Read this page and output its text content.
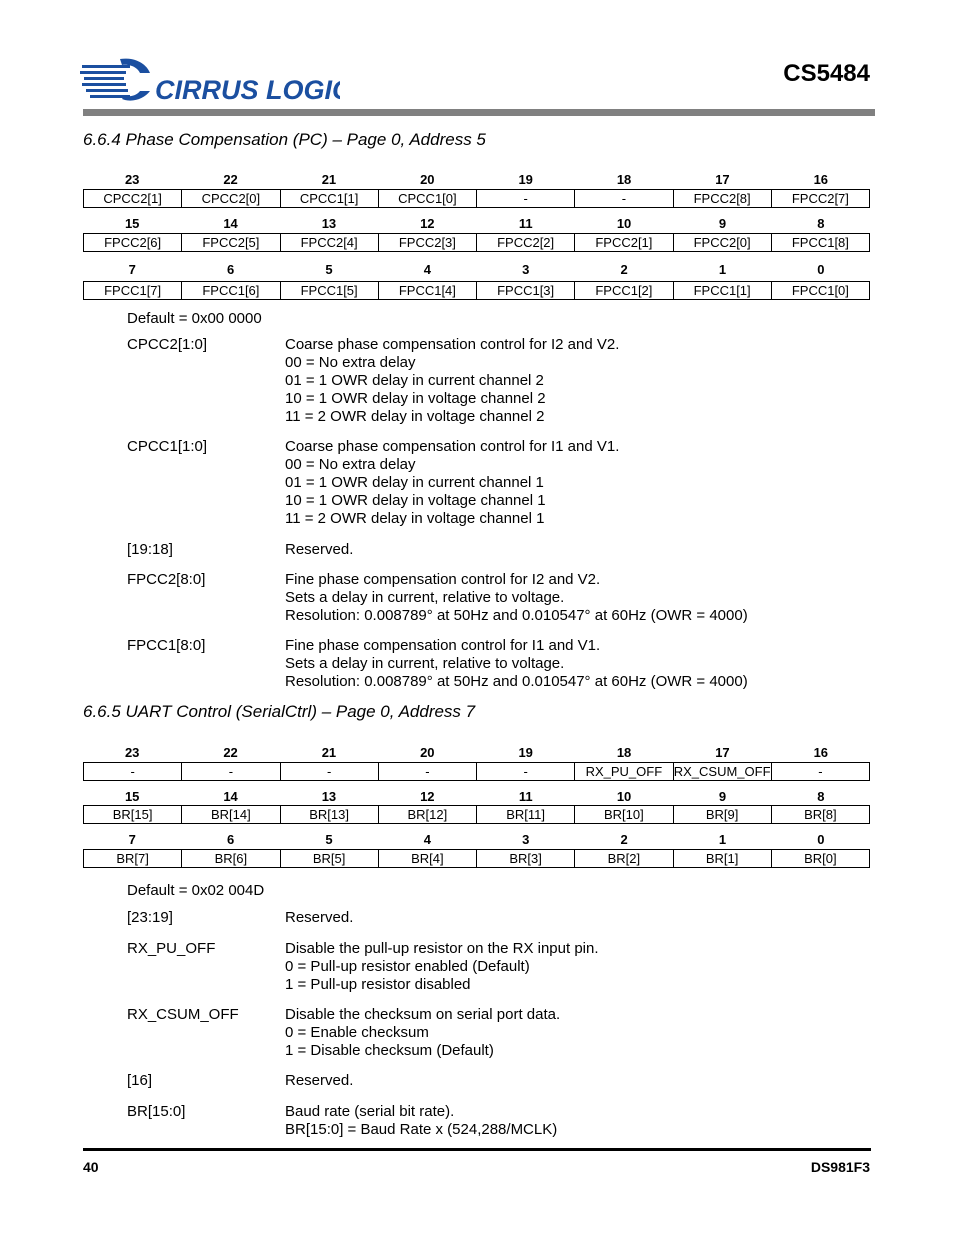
CIRRUS LOGIC
CS5484
6.6.4 Phase Compensation (PC) – Page 0, Address 5
23	22	21	20	19	18	17	16
CPCC2[1]	CPCC2[0]	CPCC1[1]	CPCC1[0]	-	-	FPCC2[8]	FPCC2[7]
15	14	13	12	11	10	9	8
FPCC2[6]	FPCC2[5]	FPCC2[4]	FPCC2[3]	FPCC2[2]	FPCC2[1]	FPCC2[0]	FPCC1[8]
7	6	5	4	3	2	1	0
FPCC1[7]	FPCC1[6]	FPCC1[5]	FPCC1[4]	FPCC1[3]	FPCC1[2]	FPCC1[1]	FPCC1[0]
Default = 0x00 0000
CPCC2[1:0]	Coarse phase compensation control for I2 and V2.
00 = No extra delay
01 = 1 OWR delay in current channel 2
10 = 1 OWR delay in voltage channel 2
11 = 2 OWR delay in voltage channel 2
CPCC1[1:0]	Coarse phase compensation control for I1 and V1.
00 = No extra delay
01 = 1 OWR delay in current channel 1
10 = 1 OWR delay in voltage channel 1
11 = 2 OWR delay in voltage channel 1
[19:18]	Reserved.
FPCC2[8:0]	Fine phase compensation control for I2 and V2.
Sets a delay in current, relative to voltage.
Resolution: 0.008789° at 50Hz and 0.010547° at 60Hz (OWR = 4000)
FPCC1[8:0]	Fine phase compensation control for I1 and V1.
Sets a delay in current, relative to voltage.
Resolution: 0.008789° at 50Hz and 0.010547° at 60Hz (OWR = 4000)
6.6.5 UART Control (SerialCtrl) – Page 0, Address 7
23	22	21	20	19	18	17	16
-	-	-	-	-	RX_PU_OFF	RX_CSUM_OFF	-
15	14	13	12	11	10	9	8
BR[15]	BR[14]	BR[13]	BR[12]	BR[11]	BR[10]	BR[9]	BR[8]
7	6	5	4	3	2	1	0
BR[7]	BR[6]	BR[5]	BR[4]	BR[3]	BR[2]	BR[1]	BR[0]
Default = 0x02 004D
[23:19]	Reserved.
RX_PU_OFF	Disable the pull-up resistor on the RX input pin.
0 = Pull-up resistor enabled (Default)
1 = Pull-up resistor disabled
RX_CSUM_OFF	Disable the checksum on serial port data.
0 = Enable checksum
1 = Disable checksum (Default)
[16]	Reserved.
BR[15:0]	Baud rate (serial bit rate).
BR[15:0] = Baud Rate x (524,288/MCLK)
40	DS981F3
